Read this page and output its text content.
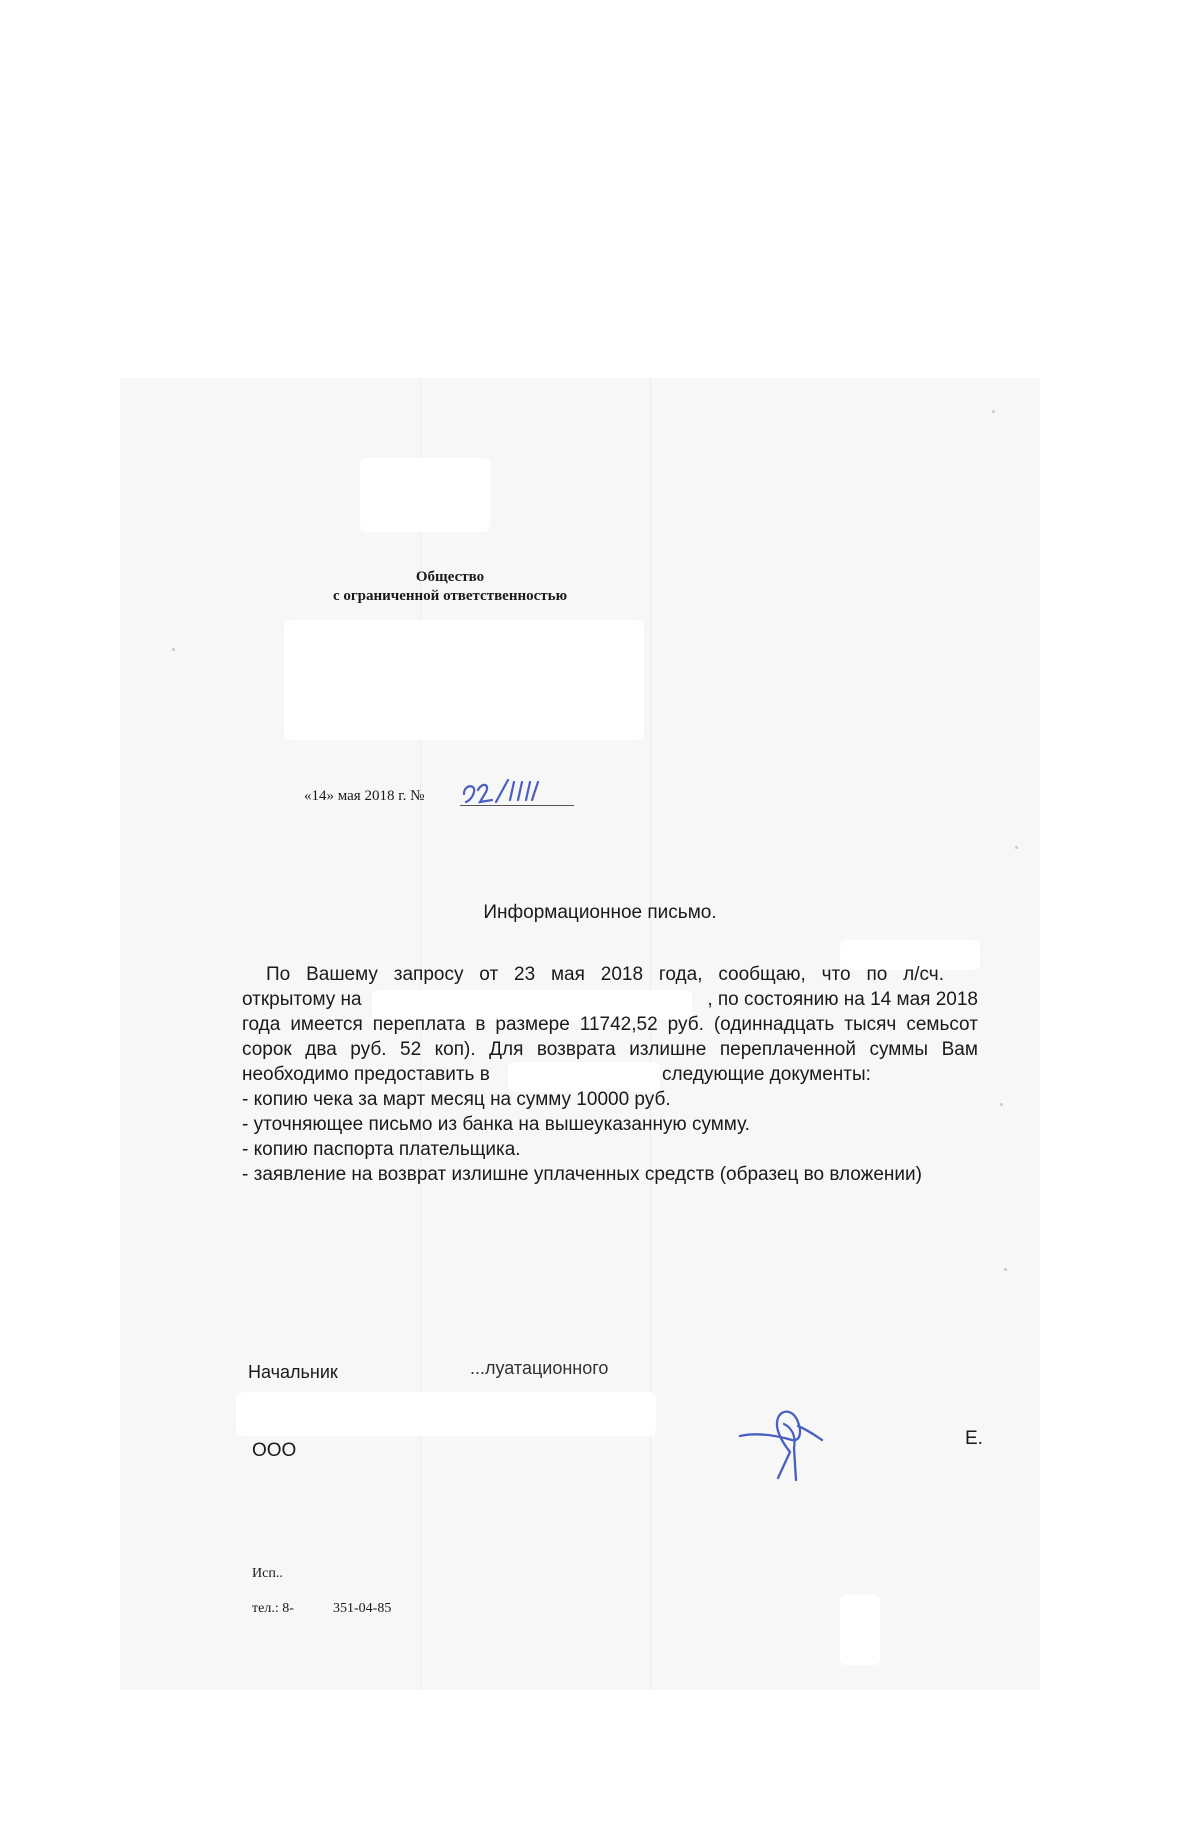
Общество
с ограниченной ответственностью
«14» мая 2018 г. №
Информационное письмо.
По Вашему запросу от 23 мая 2018 года, сообщаю, что по л/сч.
открытому на	, по состоянию на 14 мая 2018
года имеется переплата в размере 11742,52 руб. (одиннадцать тысяч семьсот
сорок два руб. 52 коп). Для возврата излишне переплаченной суммы Вам
необходимо предоставить в	следующие документы:
- копию чека за март месяц на сумму 10000 руб.
- уточняющее письмо из банка на вышеуказанную сумму.
- копию паспорта плательщика.
- заявление на возврат излишне уплаченных средств (образец во вложении)
Начальник	...луатационного
ООО
Е.
Исп..
тел.: 8-	351-04-85
